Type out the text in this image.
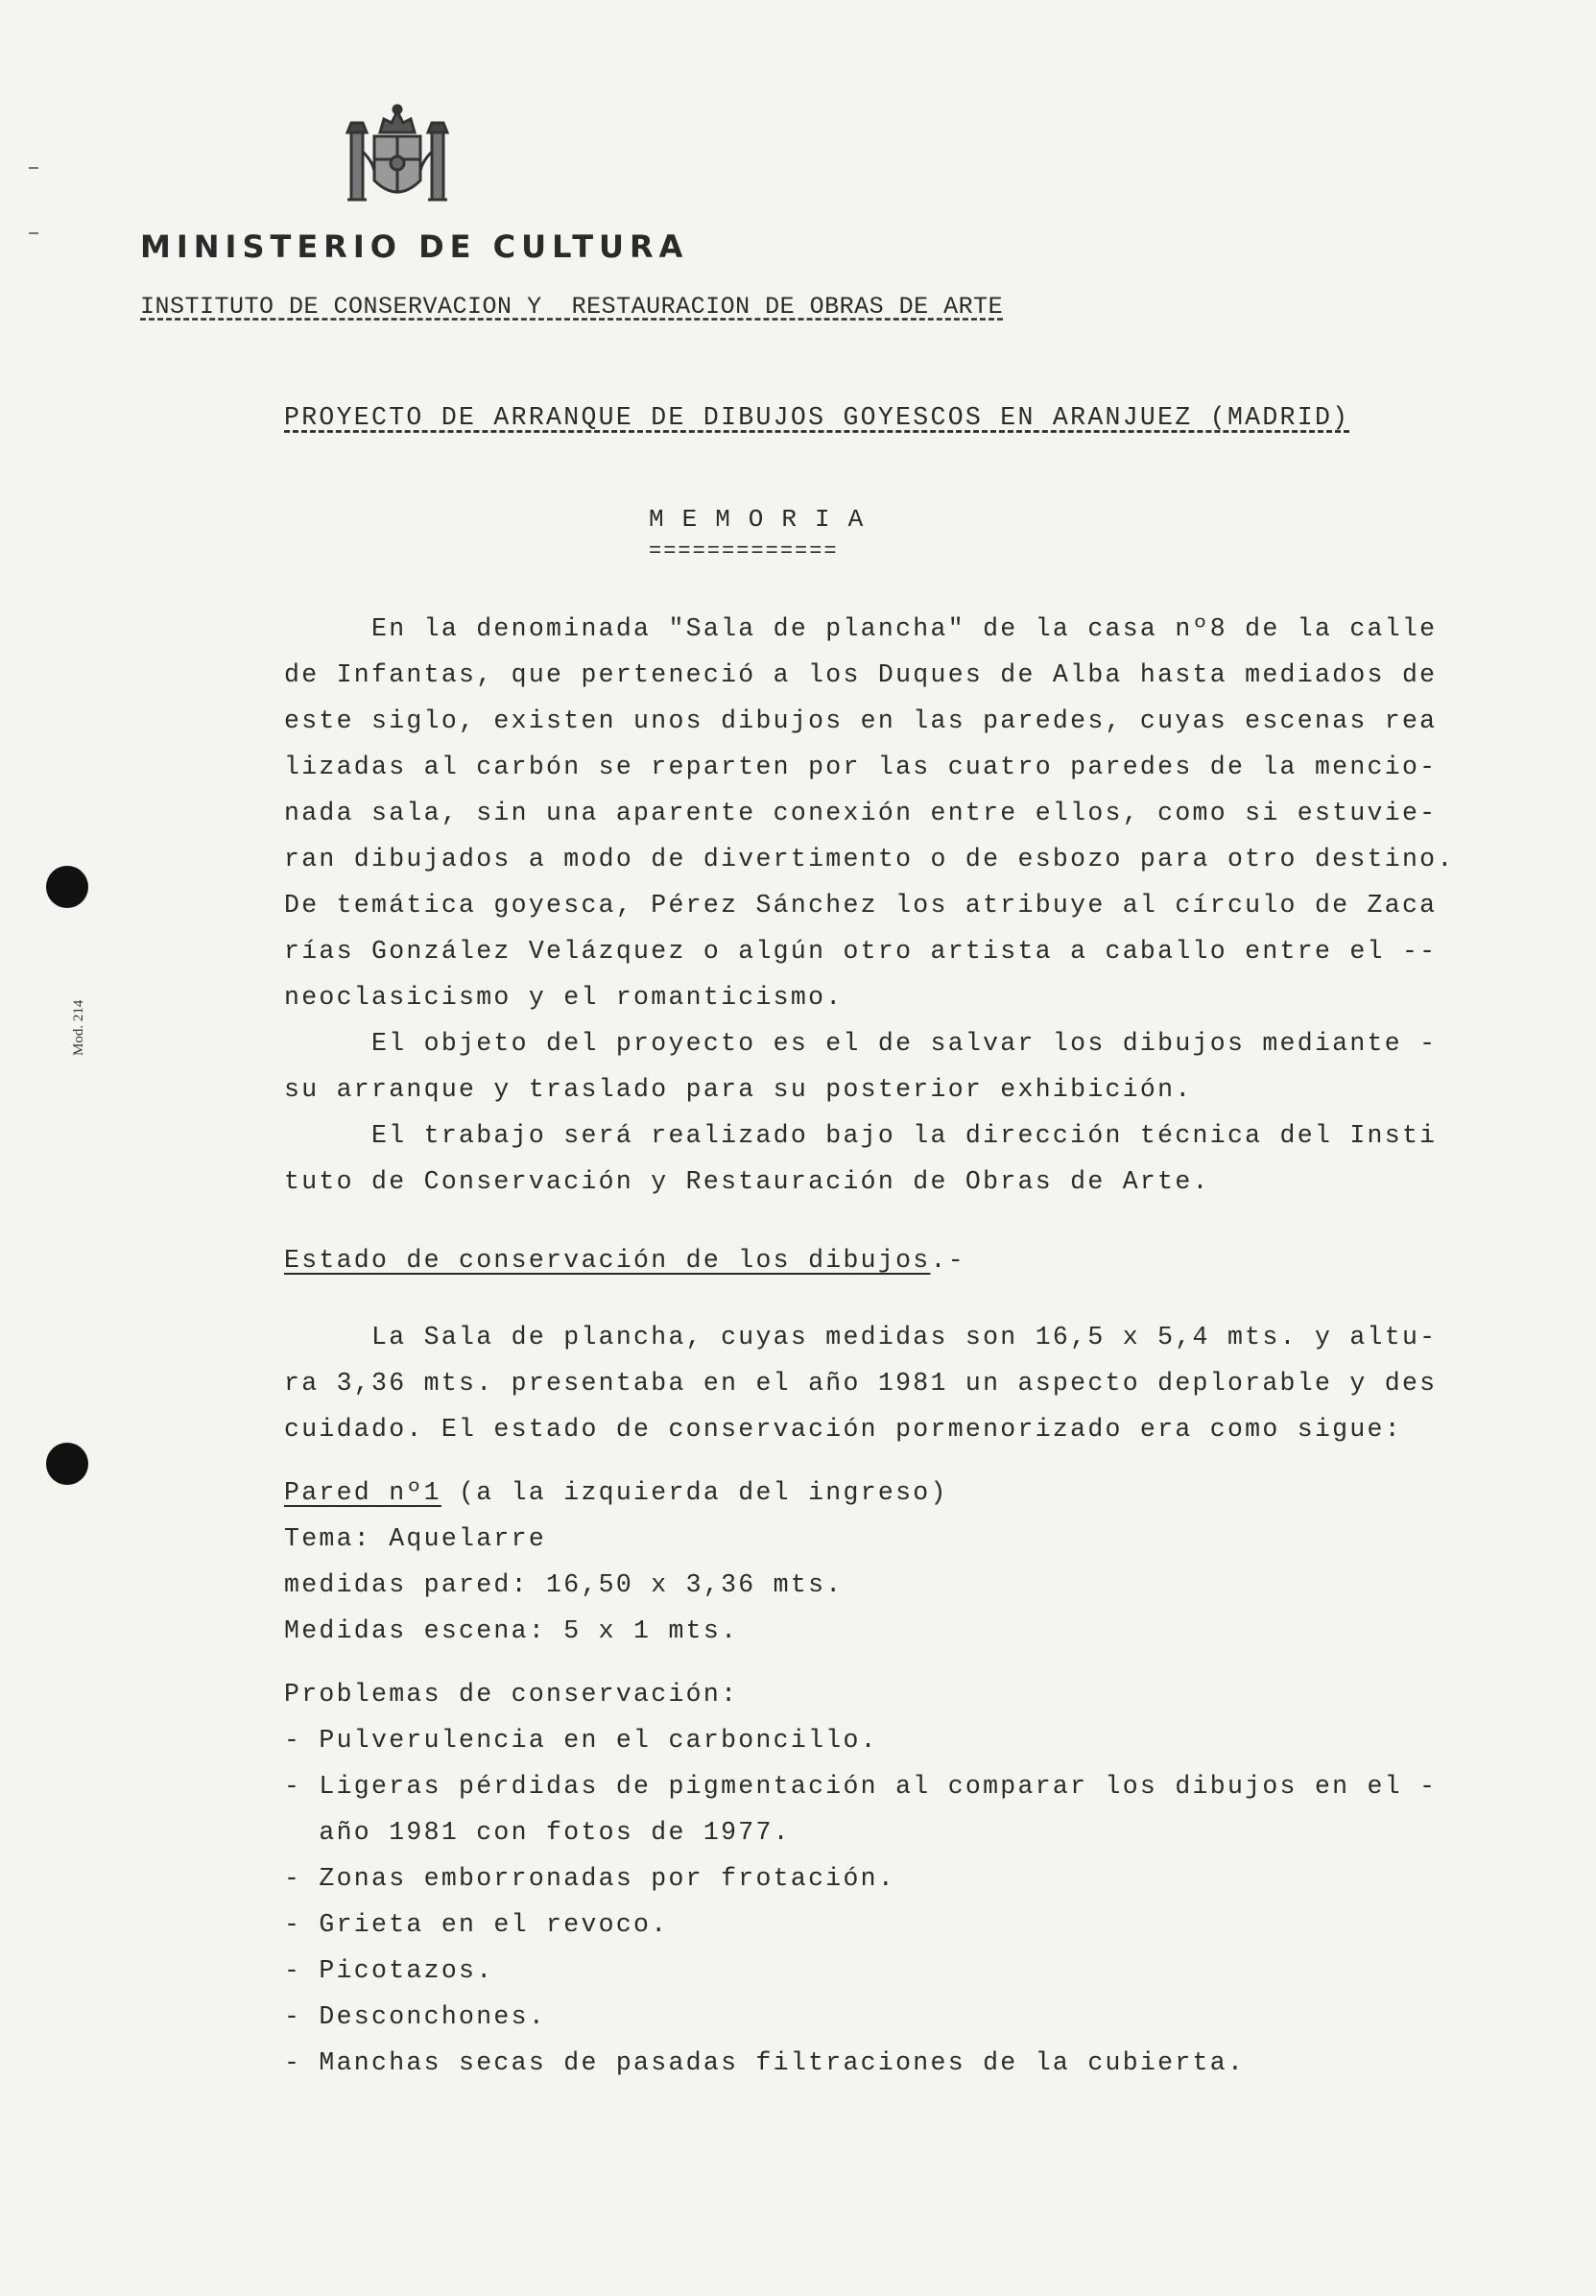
MINISTERIO DE CULTURA
INSTITUTO DE CONSERVACION Y  RESTAURACION DE OBRAS DE ARTE
Mod. 214
PROYECTO DE ARRANQUE DE DIBUJOS GOYESCOS EN ARANJUEZ (MADRID)
MEMORIA
=============
En la denominada "Sala de plancha" de la casa nº8 de la calle
de Infantas, que perteneció a los Duques de Alba hasta mediados de
este siglo, existen unos dibujos en las paredes, cuyas escenas rea
lizadas al carbón se reparten por las cuatro paredes de la mencio-
nada sala, sin una aparente conexión entre ellos, como si estuvie-
ran dibujados a modo de divertimento o de esbozo para otro destino.
De temática goyesca, Pérez Sánchez los atribuye al círculo de Zaca
rías González Velázquez o algún otro artista a caballo entre el --
neoclasicismo y el romanticismo.
El objeto del proyecto es el de salvar los dibujos mediante -
su arranque y traslado para su posterior exhibición.
El trabajo será realizado bajo la dirección técnica del Insti
tuto de Conservación y Restauración de Obras de Arte.
Estado de conservación de los dibujos.-
La Sala de plancha, cuyas medidas son 16,5 x 5,4 mts. y altu-
ra 3,36 mts. presentaba en el año 1981 un aspecto deplorable y des
cuidado. El estado de conservación pormenorizado era como sigue:
Pared nº1 (a la izquierda del ingreso)
Tema: Aquelarre
medidas pared: 16,50 x 3,36 mts.
Medidas escena: 5 x 1 mts.
Problemas de conservación:
- Pulverulencia en el carboncillo.
- Ligeras pérdidas de pigmentación al comparar los dibujos en el -
año 1981 con fotos de 1977.
- Zonas emborronadas por frotación.
- Grieta en el revoco.
- Picotazos.
- Desconchones.
- Manchas secas de pasadas filtraciones de la cubierta.
